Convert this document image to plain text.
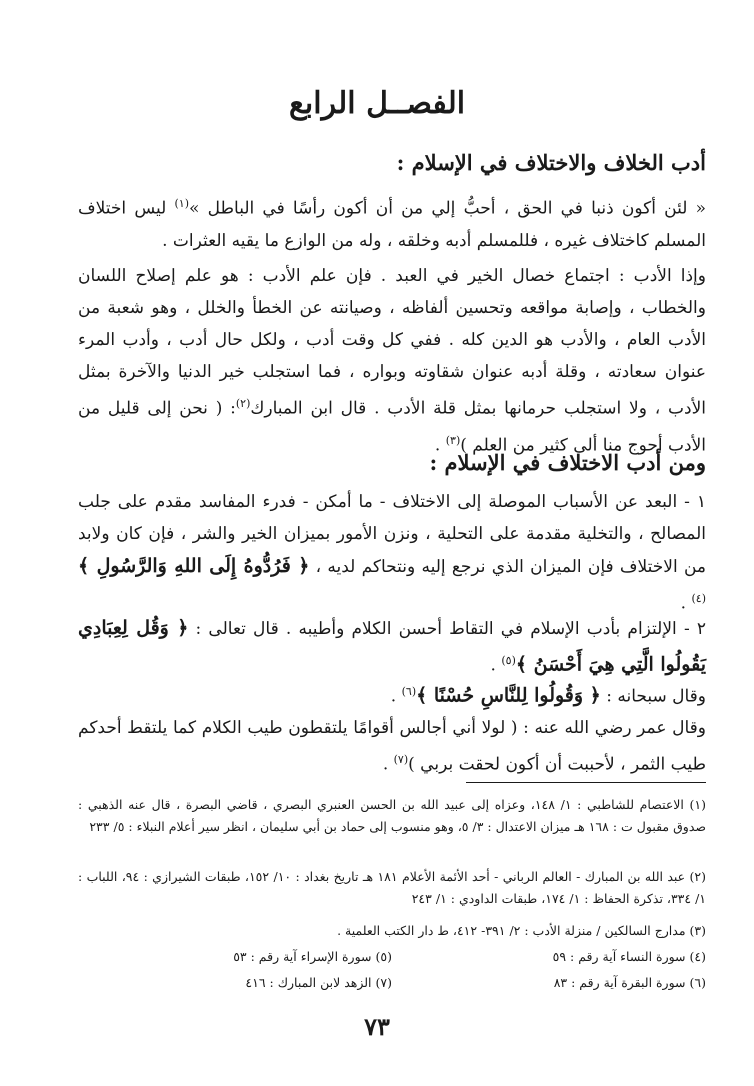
الفصــل الرابع
أدب الخلاف والاختلاف في الإسلام :
« لئن أكون ذنبا في الحق ، أحبُّ إلي من أن أكون رأسًا في الباطل »$^{(١)}$ ليس اختلاف المسلم كاختلاف غيره ، فللمسلم أدبه وخلقه ، وله من الوازع ما يقيه العثرات .
وإذا الأدب : اجتماع خصال الخير في العبد . فإن علم الأدب : هو علم إصلاح اللسان والخطاب ، وإصابة مواقعه وتحسين ألفاظه ، وصيانته عن الخطأ والخلل ، وهو شعبة من الأدب العام ، والأدب هو الدين كله . ففي كل وقت أدب ، ولكل حال أدب ، وأدب المرء عنوان سعادته ، وقلة أدبه عنوان شقاوته وبواره ، فما استجلب خير الدنيا والآخرة بمثل الأدب ، ولا استجلب حرمانها بمثل قلة الأدب . قال ابن المبارك$^{(٢)}$: ( نحن إلى قليل من الأدب أحوج منا ألى كثير من العلم )$^{(٣)}$ .
ومن أدب الاختلاف في الإسلام :
١ - البعد عن الأسباب الموصلة إلى الاختلاف - ما أمكن - فدرء المفاسد مقدم على جلب المصالح ، والتخلية مقدمة على التحلية ، ونزن الأمور بميزان الخير والشر ، فإن كان ولابد من الاختلاف فإن الميزان الذي نرجع إليه ونتحاكم لديه ، ﴿ فَرُدُّوهُ إِلَى اللهِ وَالرَّسُولِ ﴾$^{(٤)}$ .
٢ - الإلتزام بأدب الإسلام في التقاط أحسن الكلام وأطيبه . قال تعالى : ﴿ وَقُل لِعِبَادِي يَقُولُوا الَّتِي هِيَ أَحْسَنُ ﴾$^{(٥)}$ .
وقال سبحانه : ﴿ وَقُولُوا لِلنَّاسِ حُسْنًا ﴾$^{(٦)}$ .
وقال عمر رضي الله عنه : ( لولا أني أجالس أقوامًا يلتقطون طيب الكلام كما يلتقط أحدكم طيب الثمر ، لأحببت أن أكون لحقت بربي )$^{(٧)}$ .
(١) الاعتصام للشاطبي : ١/ ١٤٨، وعزاه إلى عبيد الله بن الحسن العنبري البصري ، قاضي البصرة ، قال عنه الذهبي : صدوق مقبول ت : ١٦٨ هـ ميزان الاعتدال : ٣/ ٥، وهو منسوب إلى حماد بن أبي سليمان ، انظر سير أعلام النبلاء : ٥/ ٢٣٣
(٢) عبد الله بن المبارك - العالم الرباني - أحد الأئمة الأعلام ١٨١ هـ تاريخ بغداد : ١٠/ ١٥٢، طبقات الشيرازي : ٩٤، اللباب : ١/ ٣٣٤، تذكرة الحفاظ : ١/ ١٧٤، طبقات الداودي : ١/ ٢٤٣
(٣) مدارج السالكين / منزلة الأدب : ٢/ ٣٩١- ٤١٢، ط دار الكتب العلمية .
(٤) سورة النساء آية رقم : ٥٩
(٥) سورة الإسراء آية رقم : ٥٣
(٦) سورة البقرة آية رقم : ٨٣
(٧) الزهد لابن المبارك : ٤١٦
٧٣
